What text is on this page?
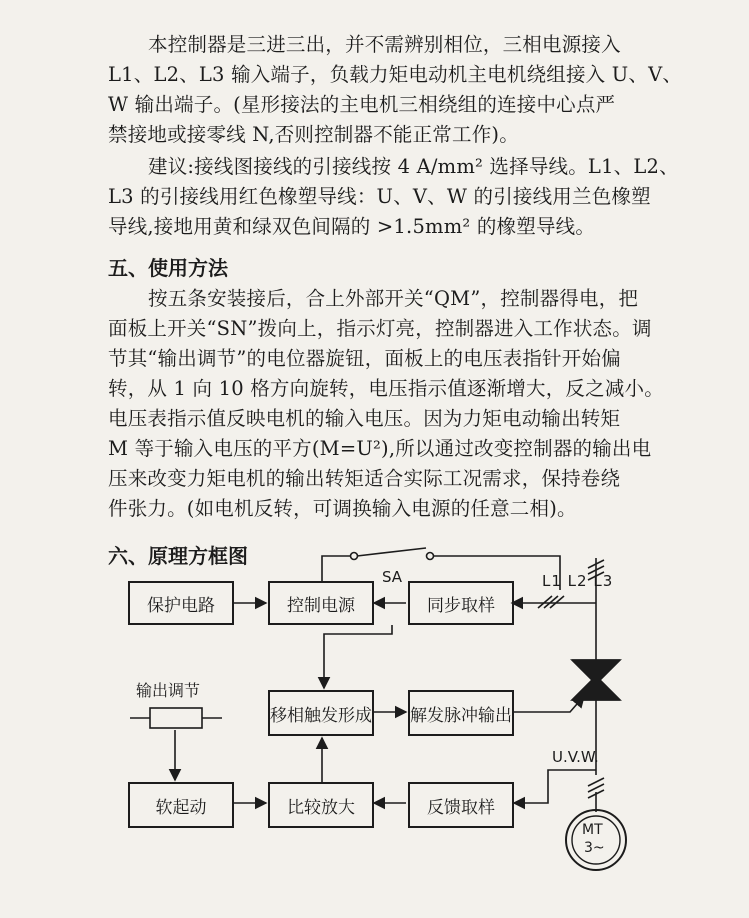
本控制器是三进三出，并不需辨别相位，三相电源接入
L1、L2、L3 输入端子，负载力矩电动机主电机绕组接入 U、V、
W 输出端子。(星形接法的主电机三相绕组的连接中心点严
禁接地或接零线 N,否则控制器不能正常工作)。
建议:接线图接线的引接线按 4 A/mm² 选择导线。L1、L2、
L3 的引接线用红色橡塑导线：U、V、W 的引接线用兰色橡塑
导线,接地用黄和绿双色间隔的 >1.5mm² 的橡塑导线。
五、使用方法
按五条安装接后，合上外部开关“QM”，控制器得电，把
面板上开关“SN”拨向上，指示灯亮，控制器进入工作状态。调
节其“输出调节”的电位器旋钮，面板上的电压表指针开始偏
转，从 1 向 10 格方向旋转，电压指示值逐渐增大，反之减小。
电压表指示值反映电机的输入电压。因为力矩电动输出转矩
M 等于输入电压的平方(M=U²),所以通过改变控制器的输出电
压来改变力矩电机的输出转矩适合实际工况需求，保持卷绕
件张力。(如电机反转，可调换输入电源的任意二相)。
六、原理方框图
保护电路	控制电源	同步取样
移相触发形成 解发脉冲输出
软起动	比较放大	反馈取样
SA	L1 L2 L3
输出调节
U.V.W.
MT
3~
